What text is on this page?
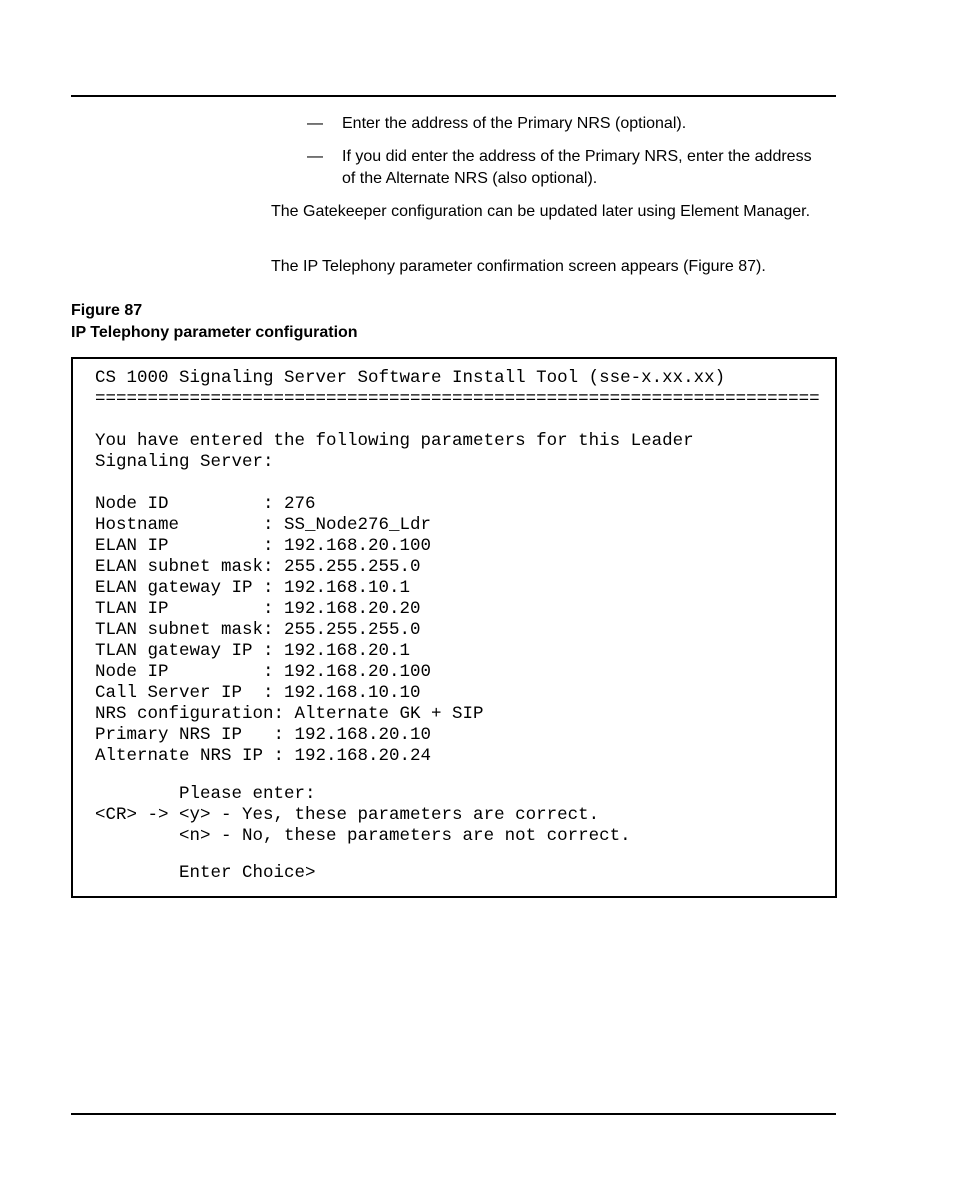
— Enter the address of the Primary NRS (optional).
— If you did enter the address of the Primary NRS, enter the address of the Alternate NRS (also optional).
The Gatekeeper configuration can be updated later using Element Manager.
The IP Telephony parameter confirmation screen appears (Figure 87).
Figure 87
IP Telephony parameter configuration
CS 1000 Signaling Server Software Install Tool (sse-x.xx.xx)
=====================================================================
You have entered the following parameters for this Leader
Signaling Server:
Node ID         : 276
Hostname        : SS_Node276_Ldr
ELAN IP         : 192.168.20.100
ELAN subnet mask: 255.255.255.0
ELAN gateway IP : 192.168.10.1
TLAN IP         : 192.168.20.20
TLAN subnet mask: 255.255.255.0
TLAN gateway IP : 192.168.20.1
Node IP         : 192.168.20.100
Call Server IP  : 192.168.10.10
NRS configuration: Alternate GK + SIP
Primary NRS IP   : 192.168.20.10
Alternate NRS IP : 192.168.20.24
Please enter:
<CR> -> <y> - Yes, these parameters are correct.
<n> - No, these parameters are not correct.
Enter Choice>
